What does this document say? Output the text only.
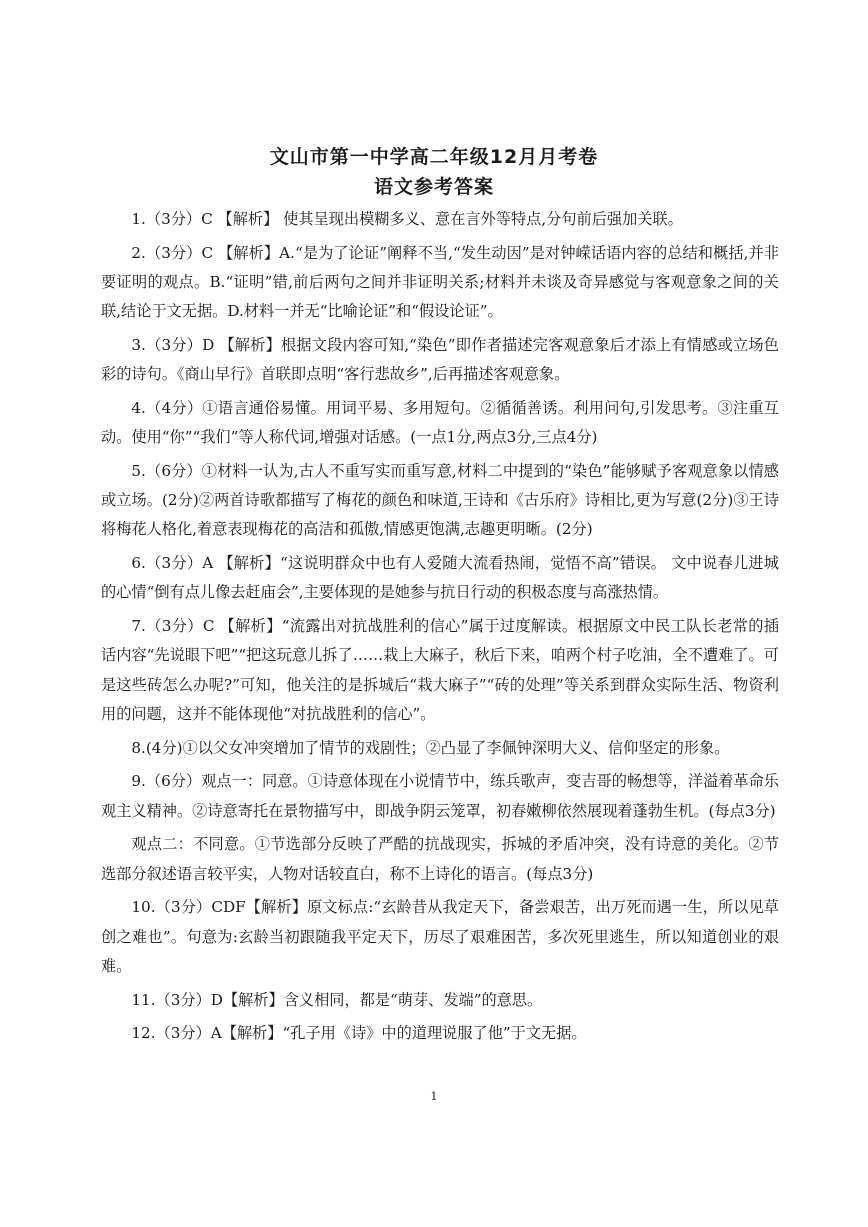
文山市第一中学高二年级12月月考卷
语文参考答案

1.（3分）C 【解析】 使其呈现出模糊多义、意在言外等特点,分句前后强加关联。

2.（3分）C 【解析】A.“是为了论证”阐释不当,“发生动因”是对钟嵘话语内容的总结和概括,并非要证明的观点。B.“证明”错,前后两句之间并非证明关系;材料并未谈及奇异感觉与客观意象之间的关联,结论于文无据。D.材料一并无“比喻论证”和“假设论证”。

3.（3分）D 【解析】根据文段内容可知,“染色”即作者描述完客观意象后才添上有情感或立场色彩的诗句。《商山早行》首联即点明“客行悲故乡”,后再描述客观意象。

4.（4分）①语言通俗易懂。用词平易、多用短句。②循循善诱。利用问句,引发思考。③注重互动。使用“你”“我们”等人称代词,增强对话感。(一点1分,两点3分,三点4分)

5.（6分）①材料一认为,古人不重写实而重写意,材料二中提到的“染色”能够赋予客观意象以情感或立场。(2分)②两首诗歌都描写了梅花的颜色和味道,王诗和《古乐府》诗相比,更为写意(2分)③王诗将梅花人格化,着意表现梅花的高洁和孤傲,情感更饱满,志趣更明晰。(2分)

6.（3分）A 【解析】“这说明群众中也有人爱随大流看热闹，觉悟不高”错误。 文中说春儿进城的心情“倒有点儿像去赶庙会”,主要体现的是她参与抗日行动的积极态度与高涨热情。

7.（3分）C 【解析】“流露出对抗战胜利的信心”属于过度解读。根据原文中民工队长老常的插话内容“先说眼下吧”“把这玩意儿拆了……栽上大麻子，秋后下来，咱两个村子吃油，全不遭难了。可是这些砖怎么办呢?”可知，他关注的是拆城后“栽大麻子”“砖的处理”等关系到群众实际生活、物资利用的问题，这并不能体现他“对抗战胜利的信心”。

8.(4分)①以父女冲突增加了情节的戏剧性；②凸显了李佩钟深明大义、信仰坚定的形象。

9.（6分）观点一：同意。①诗意体现在小说情节中，练兵歌声，变吉哥的畅想等，洋溢着革命乐观主义精神。②诗意寄托在景物描写中，即战争阴云笼罩，初春嫩柳依然展现着蓬勃生机。(每点3分)

观点二：不同意。①节选部分反映了严酷的抗战现实，拆城的矛盾冲突，没有诗意的美化。②节选部分叙述语言较平实，人物对话较直白，称不上诗化的语言。(每点3分)

10.（3分）CDF【解析】原文标点:“玄龄昔从我定天下，备尝艰苦，出万死而遇一生，所以见草创之难也”。句意为:玄龄当初跟随我平定天下，历尽了艰难困苦，多次死里逃生，所以知道创业的艰难。

11.（3分）D【解析】含义相同，都是“萌芽、发端”的意思。

12.（3分）A【解析】“孔子用《诗》中的道理说服了他”于文无据。

1
